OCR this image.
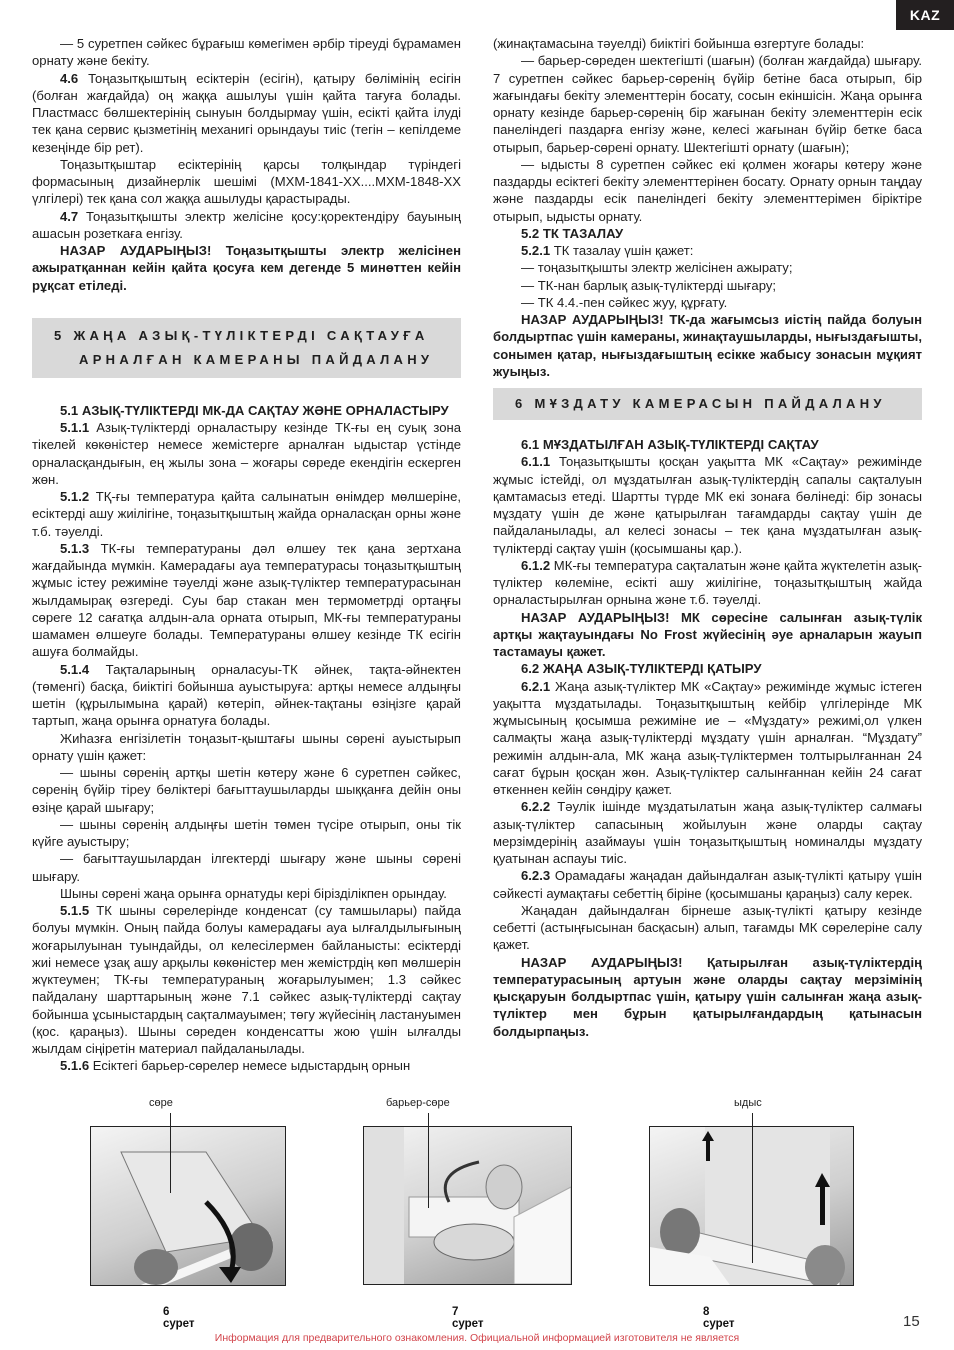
KAZ

— 5 суретпен сәйкес бұрағыш көмегімен әрбір тіреуді бұрамамен орнату және бекіту.

4.6 Тоңазытқыштың есіктерін (есігін), қатыру бөлімінің есігін (болған жағдайда) оң жаққа ашылуы үшін қайта тағуға болады. Пластмасс бөлшектерінің сынуын болдырмау үшін, есікті қайта ілуді тек қана сервис қызметінің механигі орындауы тиіс (тегін – кепілдеме кезеңінде бір рет).

Тоңазытқыштар есіктерінің қарсы толқындар түріндегі формасының дизайнерлік шешімі (МХМ-1841-ХХ....МХМ-1848-ХХ үлгілері) тек қана сол жаққа ашылуды қарастырады.

4.7 Тоңазытқышты электр желісіне қосу:қоректендіру бауының ашасын розеткаға енгізу.

НАЗАР АУДАРЫҢЫЗ! Тоңазытқышты электр желісінен ажыратқаннан кейін қайта қосуға кем дегенде 5 минөттен кейін рұқсат етіледі.

5 ЖАҢА АЗЫҚ-ТҮЛІКТЕРДІ САҚТАУҒА
АРНАЛҒАН КАМЕРАНЫ ПАЙДАЛАНУ
5.1 АЗЫҚ-ТҮЛІКТЕРДІ МК-ДА САҚТАУ ЖӘНЕ ОРНАЛАСТЫРУ

5.1.1 Азық-түліктерді орналастыру кезінде ТК-ғы ең суық зона тікелей көкөністер немесе жемістерге арналған ыдыстар үстінде орналасқандығын, ең жылы зона – жоғары сөреде екендігін ескерген жөн.

5.1.2 ТҚ-ғы температура қайта салынатын өнімдер мөлшеріне, есіктерді ашу жиілігіне, тоңазытқыштың жайда орналасқан орны және т.б. тәуелді.

5.1.3 ТК-ғы температураны дәл өлшеу тек қана зертхана жағдайында мүмкін. Камерадағы ауа температурасы тоңазытқыштың жұмыс істеу режиміне тәуелді және азық-түліктер температурасынан жылдамырақ өзгереді. Суы бар стакан мен термометрді ортаңғы сөреге 12 сағатқа алдын-ала орната отырып, МК-ғы температураны шамамен өлшеуге болады. Температураны өлшеу кезінде ТК есігін ашуға болмайды.

5.1.4 Тақталарының орналасуы-ТК әйнек, тақта-әйнектен (төменгі) басқа, биіктігі бойынша ауыстыруға: артқы немесе алдыңғы шетін (құрылымына қарай) көтеріп, әйнек-тақтаны өзіңізге қарай тартып, жаңа орынға орнатуға болады.

Жиһазға енгізілетін тоңазыт-қыштағы шыны сөрені ауыстырып орнату үшін қажет:

— шыны сөренің артқы шетін көтеру және 6 суретпен сәйкес, сөренің бүйір тіреу бөліктері бағыттаушыларды шыққанға дейін оны өзіңе қарай шығару;

— шыны сөренің алдыңғы шетін төмен түсіре отырып, оны тік күйге ауыстыру;

— бағыттаушылардан ілгектерді шығару және шыны сөрені шығару.

Шыны сөрені жаңа орынға орнатуды кері бірізділікпен орындау.

5.1.5 ТК шыны сөрелерінде конденсат (су тамшылары) пайда болуы мүмкін. Оның пайда болуы камерадағы ауа ылғалдылығының жоғарылуынан туындайды, ол келесілермен байланысты: есіктерді жиі немесе ұзақ ашу арқылы көкөністер мен жемістрдің көп мөлшерін жүктеумен; ТК-ғы температураның жоғарылуымен; 1.3 сәйкес пайдалану шарттарының және 7.1 сәйкес азық-түліктерді сақтау бойынша ұсыныстардың сақталмауымен; төгу жүйесінің ластануымен (қос. қараңыз). Шыны сөреден конденсатты жою үшін ылғалды жылдам сіңіретін материал пайдаланылады.

5.1.6 Есіктегі барьер-сөрелер немесе ыдыстардың орнын

(жинақтамасына тәуелді) биіктігі бойынша өзгертуге болады:

— барьер-сөреден шектегішті (шағын) (болған жағдайда) шығару. 7 суретпен сәйкес барьер-сөренің бүйір бетіне баса отырып, бір жағындағы бекіту элементтерін босату, сосын екіншісін. Жаңа орынға орнату кезінде барьер-сөренің бір жағынан бекіту элементтерін есік панеліндегі паздарға енгізу және, келесі жағынан бүйір бетке баса отырып, барьер-сөрені орнату. Шектегішті орнату (шағын);

— ыдысты 8 суретпен сәйкес екі қолмен жоғары көтеру және паздарды есіктегі бекіту элементтерінен босату. Орнату орнын таңдау және паздарды есік панеліндегі бекіту элементтерімен біріктіре отырып, ыдысты орнату.

5.2 ТК ТАЗАЛАУ

5.2.1 ТК тазалау үшін қажет:

— тоңазытқышты электр желісінен ажырату;

— ТК-нан барлық азық-түліктерді шығару;

— ТК 4.4.-пен сәйкес жуу, құрғату.

НАЗАР АУДАРЫҢЫЗ! ТК-да жағымсыз иістің пайда болуын болдыртпас үшін камераны, жинақтаушыларды, нығыздағышты, сонымен қатар, нығыздағыштың есікке жабысу зонасын мұқият жуыңыз.

6 МҰЗДАТУ КАМЕРАСЫН ПАЙДАЛАНУ
6.1 МҰЗДАТЫЛҒАН АЗЫҚ-ТҮЛІКТЕРДІ САҚТАУ

6.1.1 Тоңазытқышты қосқан уақытта МК «Сақтау» режимінде жұмыс істейді, ол мұздатылған азық-түліктердің сапалы сақталуын қамтамасыз етеді. Шартты түрде МК екі зонаға бөлінеді: бір зонасы мұздату үшін де және қатырылған тағамдарды сақтау үшін де пайдаланылады, ал келесі зонасы – тек қана мұздатылған азық-түліктерді сақтау үшін (қосымшаны қар.).

6.1.2 МК-ғы температура сақталатын және қайта жүктелетін азық-түліктер көлеміне, есікті ашу жиілігіне, тоңазытқыштың жайда орналастырылған орнына және т.б. тәуелді.

НАЗАР АУДАРЫҢЫЗ! МК сөресіне салынған азық-түлік артқы жақтауындағы No Frost жүйесінің әуе арналарын жауып тастамауы қажет.

6.2 ЖАҢА АЗЫҚ-ТҮЛІКТЕРДІ ҚАТЫРУ

6.2.1 Жаңа азық-түліктер МК «Сақтау» режимінде жұмыс істеген уақытта мұздатылады. Тоңазытқыштың кейбір үлгілерінде МК жұмысының қосымша режиміне ие – «Мұздату» режимі,ол үлкен салмақты жаңа азық-түліктерді мұздату үшін арналған. “Мұздату” режимін алдын-ала, МК жаңа азық-түліктермен толтырылғаннан 24 сағат бұрын қосқан жөн. Азық-түліктер салынғаннан кейін 24 сағат өткеннен кейін сөндіру қажет.

6.2.2 Тәулік ішінде мұздатылатын жаңа азық-түліктер салмағы азық-түліктер сапасының жойылуын және оларды сақтау мерзімдерінің азаймауы үшін тоңазытқыштың номиналды мұздату қуатынан аспауы тиіс.

6.2.3 Орамадағы жаңадан дайындалған азық-түлікті қатыру үшін сәйкесті аумақтағы себеттің біріне (қосымшаны қараңыз) салу керек.

Жаңадан дайындалған бірнеше азық-түлікті қатыру кезінде себетті (астыңғысынан басқасын) алып, тағамды МК сөрелеріне салу қажет.

НАЗАР АУДАРЫҢЫЗ! Қатырылған азық-түліктердің температурасының артуын және оларды сақтау мерзімінің қысқаруын болдыртпас үшін, қатыру үшін салынған жаңа азық-түліктер мен бұрын қатырылғандардың қатынасын болдырпаңыз.

сөре
6 сурет
барьер-сөре
7 сурет
ыдыс
8 сурет	15
Информация для предварительного ознакомления. Официальной информацией изготовителя не является
